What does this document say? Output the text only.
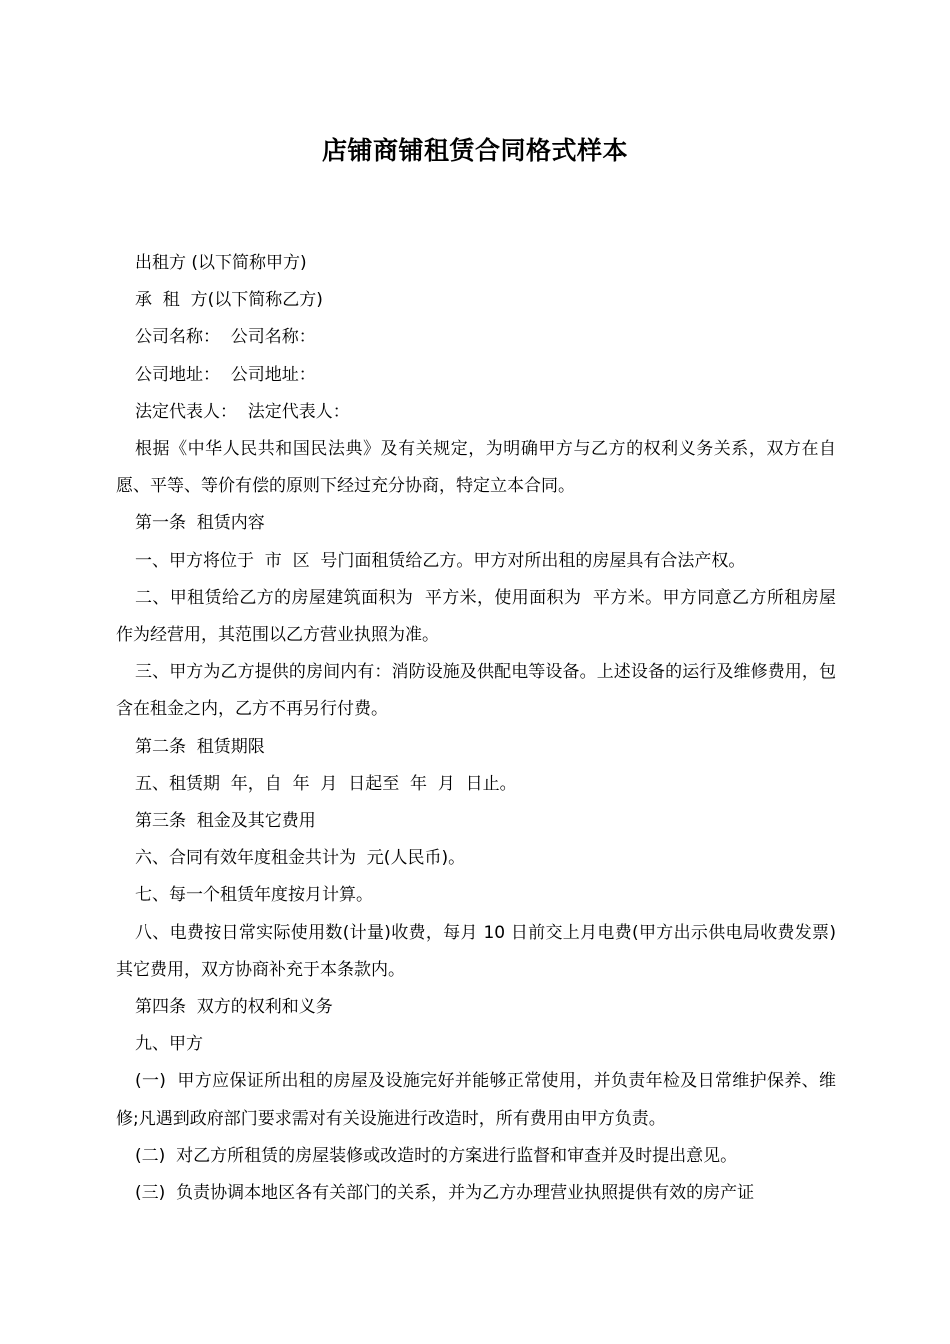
店铺商铺租赁合同格式样本

出租方 (以下简称甲方)

承  租  方(以下简称乙方)

公司名称：  公司名称：

公司地址：  公司地址：

法定代表人：  法定代表人：

根据《中华人民共和国民法典》及有关规定，为明确甲方与乙方的权利义务关系，双方在自愿、平等、等价有偿的原则下经过充分协商，特定立本合同。

第一条  租赁内容

一、甲方将位于  市  区  号门面租赁给乙方。甲方对所出租的房屋具有合法产权。

二、甲租赁给乙方的房屋建筑面积为  平方米，使用面积为  平方米。甲方同意乙方所租房屋作为经营用，其范围以乙方营业执照为准。

三、甲方为乙方提供的房间内有：消防设施及供配电等设备。上述设备的运行及维修费用，包含在租金之内，乙方不再另行付费。

第二条  租赁期限

五、租赁期  年，自  年  月  日起至  年  月  日止。

第三条  租金及其它费用

六、合同有效年度租金共计为  元(人民币)。

七、每一个租赁年度按月计算。

八、电费按日常实际使用数(计量)收费，每月 10 日前交上月电费(甲方出示供电局收费发票)其它费用，双方协商补充于本条款内。

第四条  双方的权利和义务

九、甲方

(一)  甲方应保证所出租的房屋及设施完好并能够正常使用，并负责年检及日常维护保养、维修;凡遇到政府部门要求需对有关设施进行改造时，所有费用由甲方负责。

(二)  对乙方所租赁的房屋装修或改造时的方案进行监督和审查并及时提出意见。

(三)  负责协调本地区各有关部门的关系，并为乙方办理营业执照提供有效的房产证
